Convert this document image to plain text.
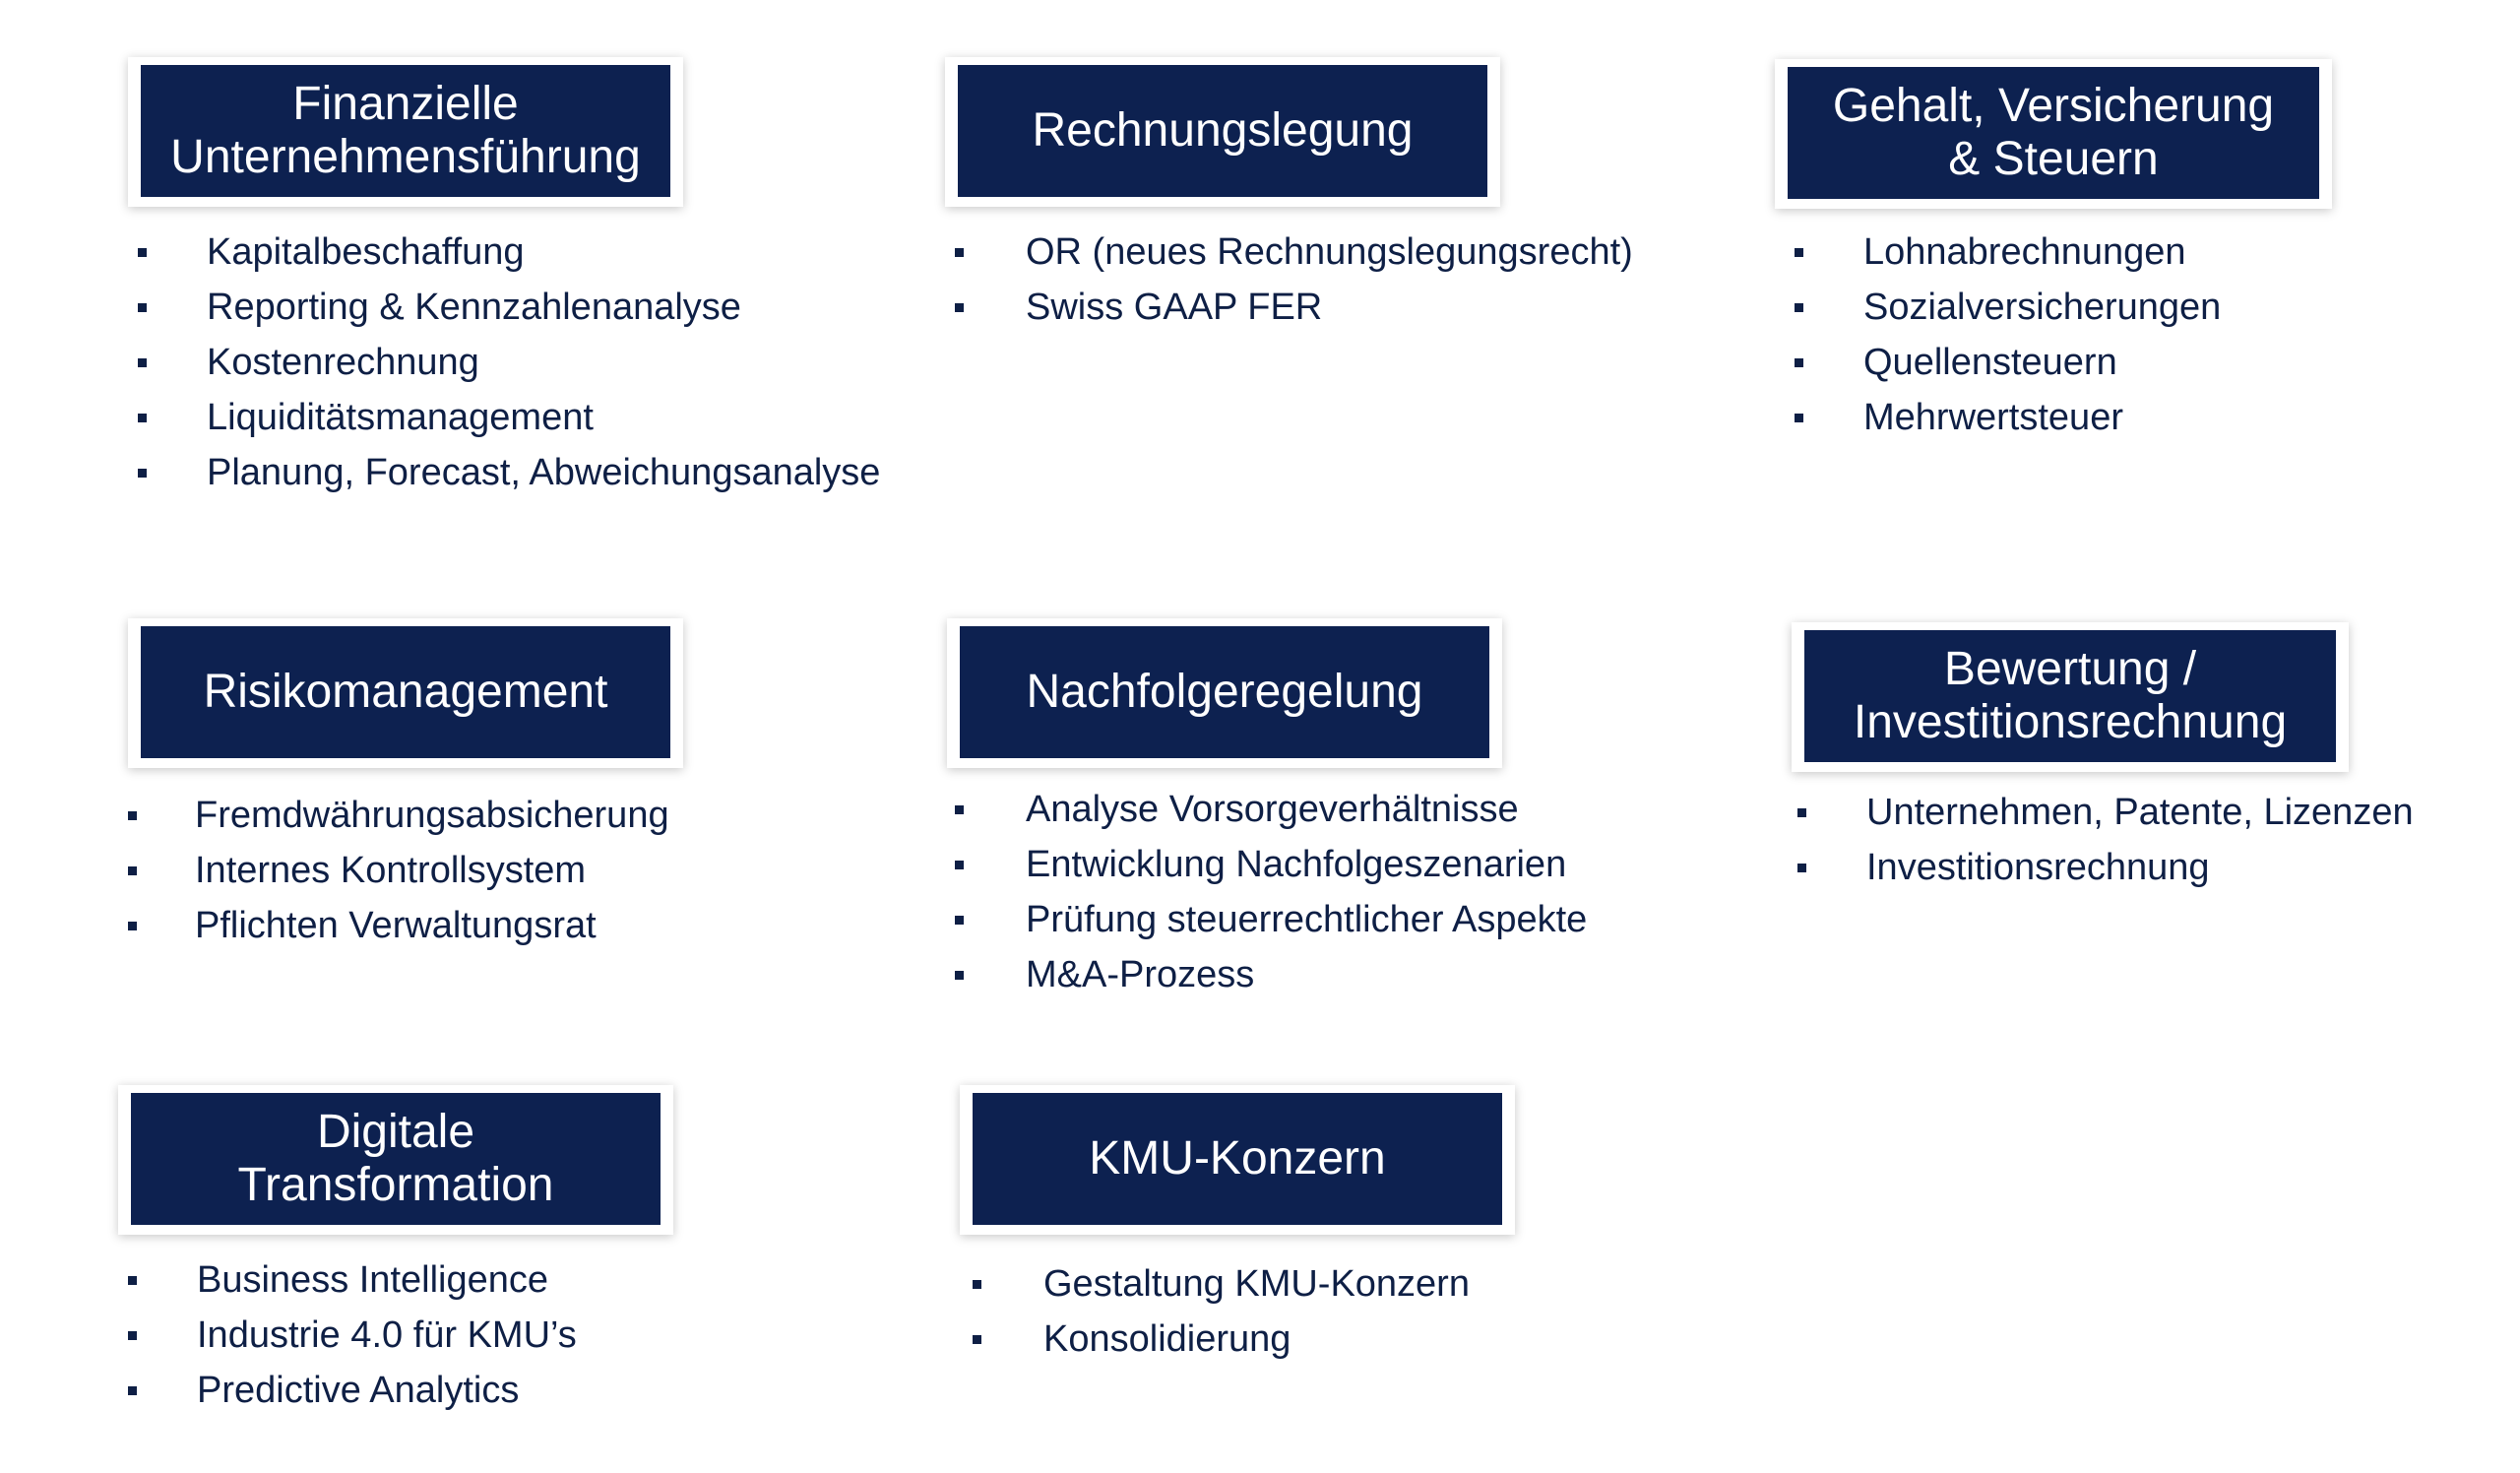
Finanzielle
Unternehmensführung
Kapitalbeschaffung
Reporting & Kennzahlenanalyse
Kostenrechnung
Liquiditätsmanagement
Planung, Forecast, Abweichungsanalyse
Rechnungslegung
OR (neues Rechnungslegungsrecht)
Swiss GAAP FER
Gehalt, Versicherung
& Steuern
Lohnabrechnungen
Sozialversicherungen
Quellensteuern
Mehrwertsteuer
Risikomanagement
Fremdwährungsabsicherung
Internes Kontrollsystem
Pflichten Verwaltungsrat
Nachfolgeregelung
Analyse Vorsorgeverhältnisse
Entwicklung Nachfolgeszenarien
Prüfung steuerrechtlicher Aspekte
M&A-Prozess
Bewertung /
Investitionsrechnung
Unternehmen, Patente, Lizenzen
Investitionsrechnung
Digitale
Transformation
Business Intelligence
Industrie 4.0 für KMU’s
Predictive Analytics
KMU-Konzern
Gestaltung KMU-Konzern
Konsolidierung
